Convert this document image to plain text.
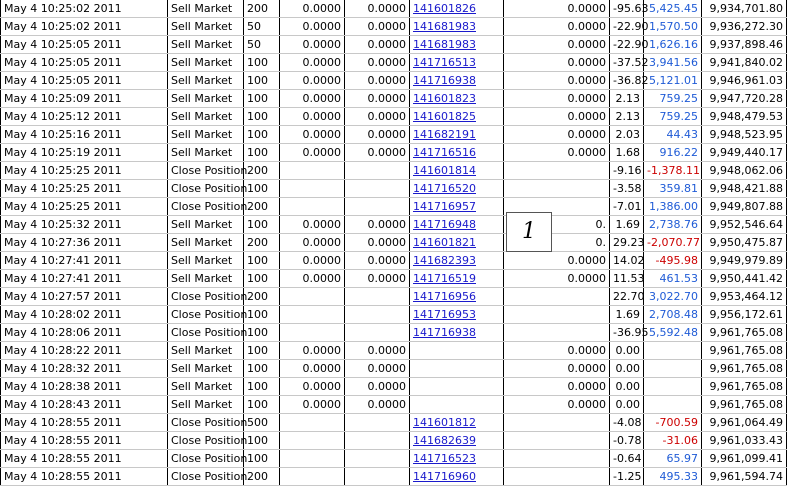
May 4 10:25:02 2011	Sell Market	200	0.0000	0.0000	141601826	0.0000	-95.63	5,425.45	9,934,701.80
May 4 10:25:02 2011	Sell Market	50	0.0000	0.0000	141681983	0.0000	-22.90	1,570.50	9,936,272.30
May 4 10:25:05 2011	Sell Market	50	0.0000	0.0000	141681983	0.0000	-22.90	1,626.16	9,937,898.46
May 4 10:25:05 2011	Sell Market	100	0.0000	0.0000	141716513	0.0000	-37.52	3,941.56	9,941,840.02
May 4 10:25:05 2011	Sell Market	100	0.0000	0.0000	141716938	0.0000	-36.82	5,121.01	9,946,961.03
May 4 10:25:09 2011	Sell Market	100	0.0000	0.0000	141601823	0.0000	2.13	759.25	9,947,720.28
May 4 10:25:12 2011	Sell Market	100	0.0000	0.0000	141601825	0.0000	2.13	759.25	9,948,479.53
May 4 10:25:16 2011	Sell Market	100	0.0000	0.0000	141682191	0.0000	2.03	44.43	9,948,523.95
May 4 10:25:19 2011	Sell Market	100	0.0000	0.0000	141716516	0.0000	1.68	916.22	9,949,440.17
May 4 10:25:25 2011	Close Position	200			141601814		-9.16	-1,378.11	9,948,062.06
May 4 10:25:25 2011	Close Position	100			141716520		-3.58	359.81	9,948,421.88
May 4 10:25:25 2011	Close Position	200			141716957		-7.01	1,386.00	9,949,807.88
May 4 10:25:32 2011	Sell Market	100	0.0000	0.0000	141716948	0.	1.69	2,738.76	9,952,546.64
May 4 10:27:36 2011	Sell Market	200	0.0000	0.0000	141601821	0.	29.23	-2,070.77	9,950,475.87
May 4 10:27:41 2011	Sell Market	100	0.0000	0.0000	141682393	0.0000	14.02	-495.98	9,949,979.89
May 4 10:27:41 2011	Sell Market	100	0.0000	0.0000	141716519	0.0000	11.53	461.53	9,950,441.42
May 4 10:27:57 2011	Close Position	200			141716956		22.70	3,022.70	9,953,464.12
May 4 10:28:02 2011	Close Position	100			141716953		1.69	2,708.48	9,956,172.61
May 4 10:28:06 2011	Close Position	100			141716938		-36.95	5,592.48	9,961,765.08
May 4 10:28:22 2011	Sell Market	100	0.0000	0.0000		0.0000	0.00		9,961,765.08
May 4 10:28:32 2011	Sell Market	100	0.0000	0.0000		0.0000	0.00		9,961,765.08
May 4 10:28:38 2011	Sell Market	100	0.0000	0.0000		0.0000	0.00		9,961,765.08
May 4 10:28:43 2011	Sell Market	100	0.0000	0.0000		0.0000	0.00		9,961,765.08
May 4 10:28:55 2011	Close Position	500			141601812		-4.08	-700.59	9,961,064.49
May 4 10:28:55 2011	Close Position	100			141682639		-0.78	-31.06	9,961,033.43
May 4 10:28:55 2011	Close Position	100			141716523		-0.64	65.97	9,961,099.41
May 4 10:28:55 2011	Close Position	200			141716960		-1.25	495.33	9,961,594.74
1
